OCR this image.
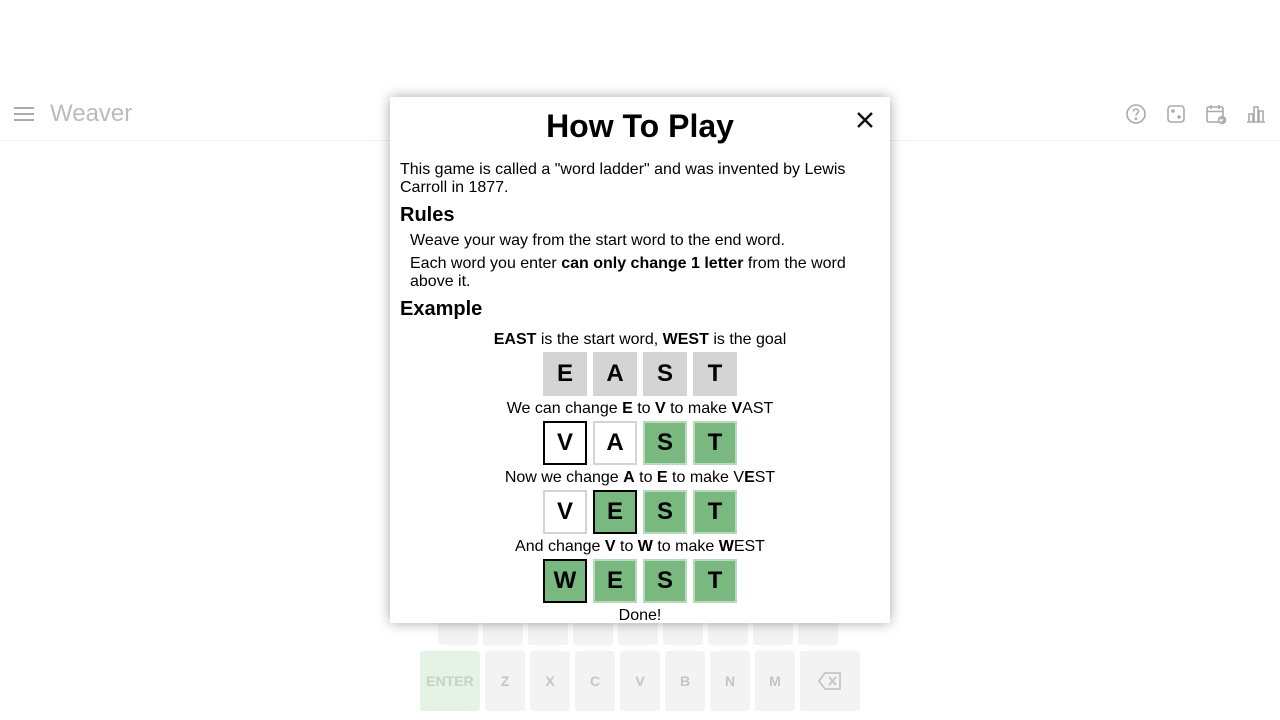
How To Play
This game is called a "word ladder" and was invented by Lewis Carroll in 1877.
Rules
Weave your way from the start word to the end word.
Each word you enter can only change 1 letter from the word above it.
Example
EAST is the start word, WEST is the goal
E	A	S	T
We can change E to V to make VAST
V	A	S	T
Now we change A to E to make VEST
V	E	S	T
And change V to W to make WEST
W	E	S	T
Done!
